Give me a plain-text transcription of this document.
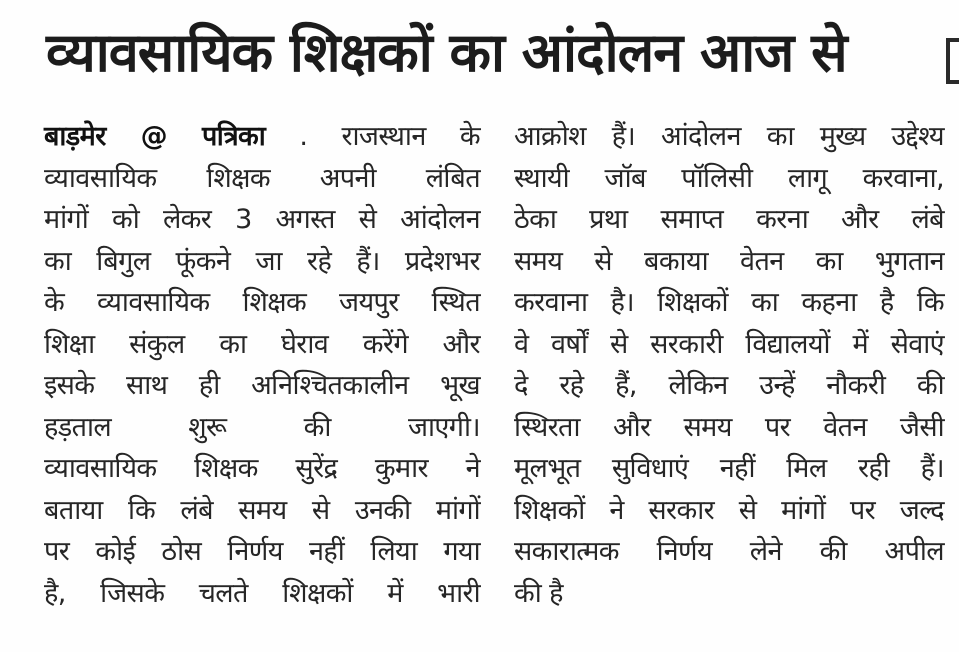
व्यावसायिक शिक्षकों का आंदोलन आज से
बाड़मेर @ पत्रिका . राजस्थान के
व्यावसायिक शिक्षक अपनी लंबित
मांगों को लेकर 3 अगस्त से आंदोलन
का बिगुल फूंकने जा रहे हैं। प्रदेशभर
के व्यावसायिक शिक्षक जयपुर स्थित
शिक्षा संकुल का घेराव करेंगे और
इसके साथ ही अनिश्चितकालीन भूख
हड़ताल शुरू की जाएगी।
व्यावसायिक शिक्षक सुरेंद्र कुमार ने
बताया कि लंबे समय से उनकी मांगों
पर कोई ठोस निर्णय नहीं लिया गया
है, जिसके चलते शिक्षकों में भारी
आक्रोश हैं। आंदोलन का मुख्य उद्देश्य
स्थायी जॉब पॉलिसी लागू करवाना,
ठेका प्रथा समाप्त करना और लंबे
समय से बकाया वेतन का भुगतान
करवाना है। शिक्षकों का कहना है कि
वे वर्षों से सरकारी विद्यालयों में सेवाएं
दे रहे हैं, लेकिन उन्हें नौकरी की
स्थिरता और समय पर वेतन जैसी
मूलभूत सुविधाएं नहीं मिल रही हैं।
शिक्षकों ने सरकार से मांगों पर जल्द
सकारात्मक निर्णय लेने की अपील
की है
